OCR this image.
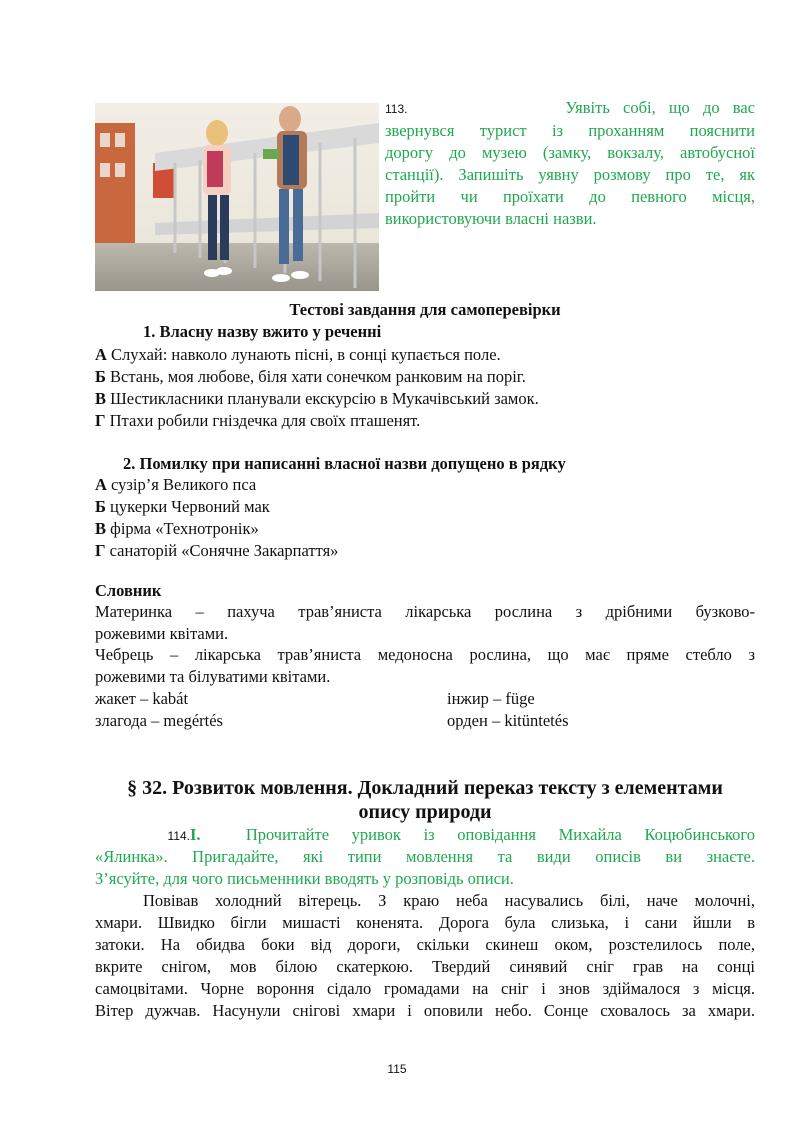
113.	Уявіть собі, що до вас
звернувся турист із проханням пояснити
дорогу до музею (замку, вокзалу, автобусної
станції). Запишіть уявну розмову про те, як
пройти чи проїхати до певного місця,
використовуючи власні назви.
Тестові завдання для самоперевірки
1. Власну назву вжито у реченні
А Слухай: навколо лунають пісні, в сонці купається поле.
Б Встань, моя любове, біля хати сонечком ранковим на поріг.
В Шестикласники планували екскурсію в Мукачівський замок.
Г Птахи робили гніздечка для своїх пташенят.
2. Помилку при написанні власної назви допущено в рядку
А сузір’я Великого пса
Б цукерки Червоний мак
В фірма «Технотронік»
Г санаторій «Сонячне Закарпаття»
Словник
Материнка – пахуча трав’яниста лікарська рослина з дрібними бузково-
рожевими квітами.
Чебрець – лікарська трав’яниста медоносна рослина, що має пряме стебло з
рожевими та білуватими квітами.
жакет – kabát	інжир – füge
злагода – megértés	орден – kitüntetés
§ 32. Розвиток мовлення. Докладний переказ тексту з елементами
опису природи
114.I.	Прочитайте уривок із оповідання Михайла Коцюбинського
«Ялинка». Пригадайте, які типи мовлення та види описів ви знаєте.
З’ясуйте, для чого письменники вводять у розповідь описи.
Повівав холодний вітерець. З краю неба насувались білі, наче молочні,
хмари. Швидко бігли мишасті коненята. Дорога була слизька, і сани йшли в
затоки. На обидва боки від дороги, скільки скинеш оком, розстелилось поле,
вкрите снігом, мов білою скатеркою. Твердий синявий сніг грав на сонці
самоцвітами. Чорне вороння сідало громадами на сніг і знов здіймалося з місця.
Вітер дужчав. Насунули снігові хмари і оповили небо. Сонце сховалось за хмари.
115
